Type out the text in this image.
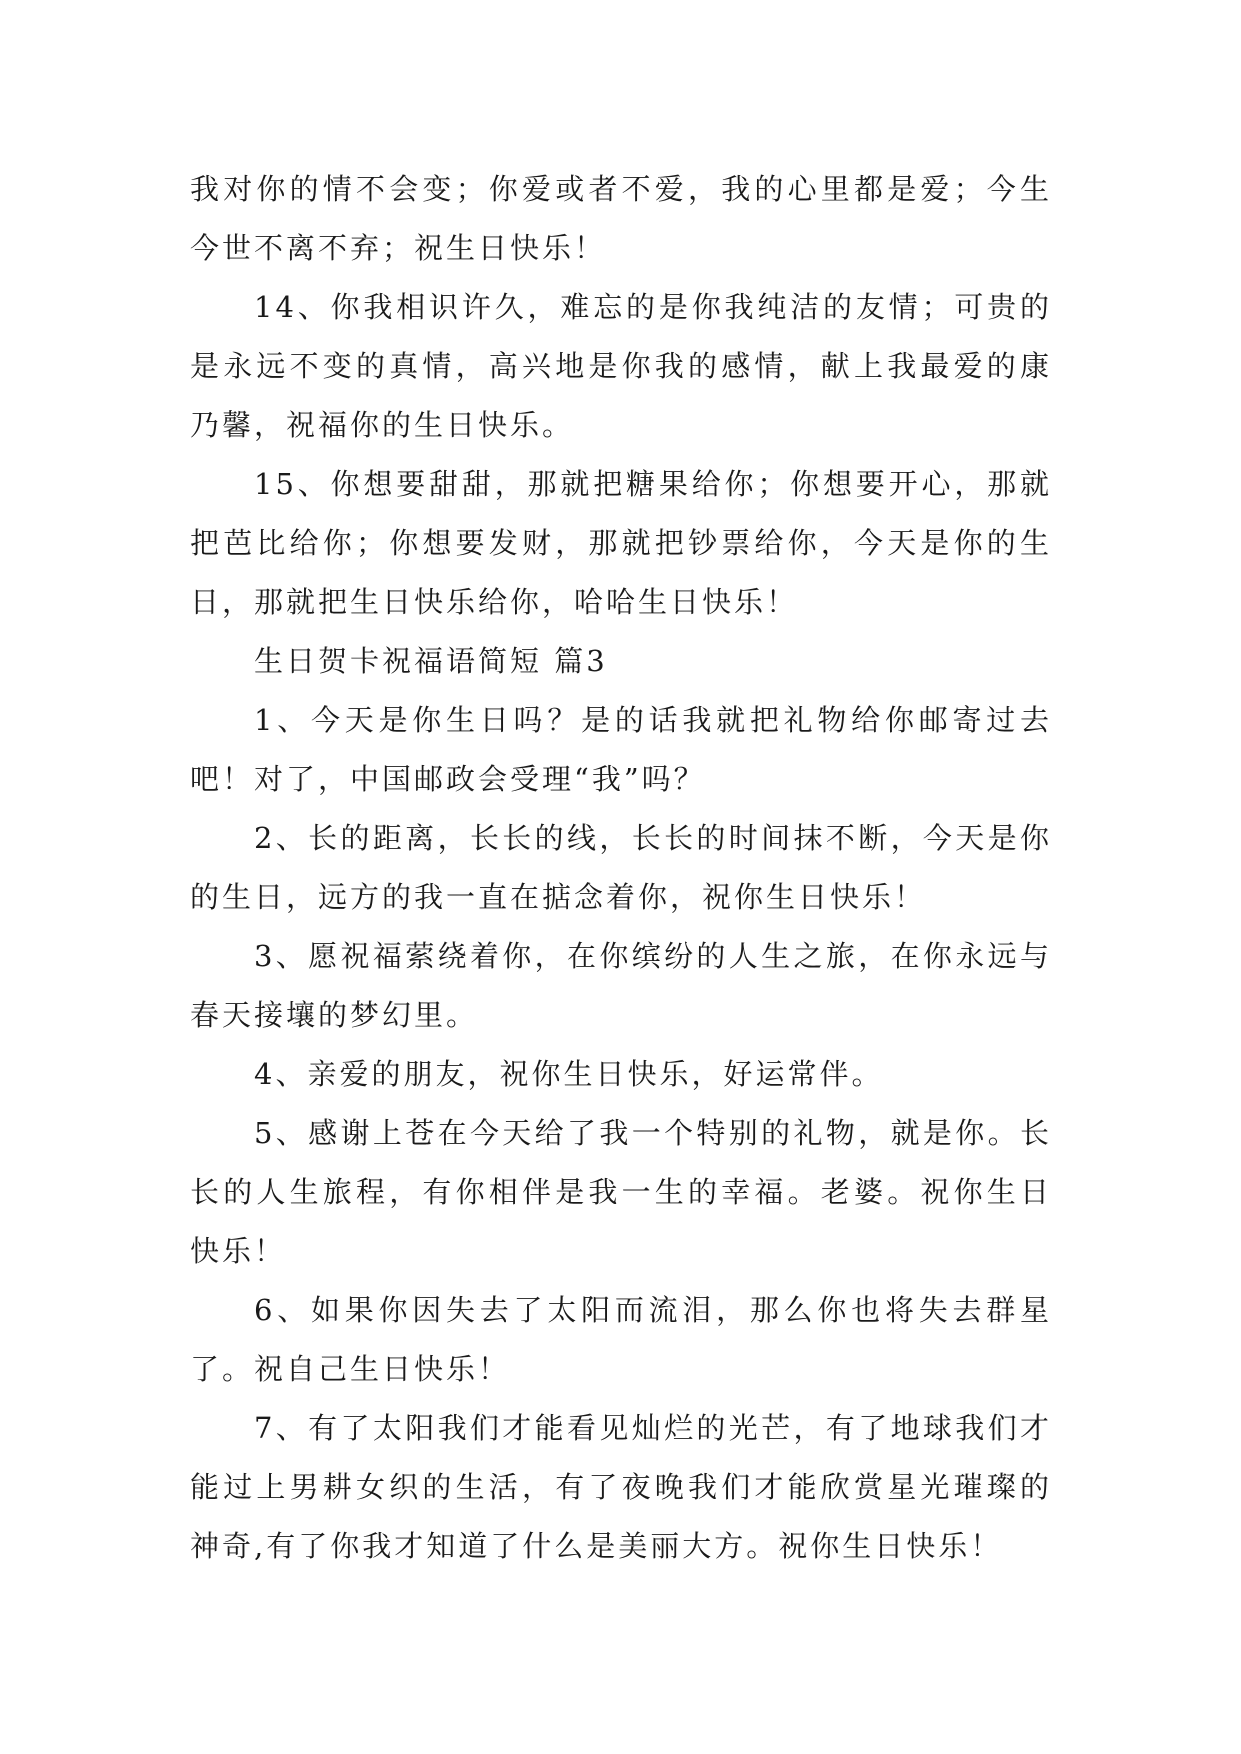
我对你的情不会变；你爱或者不爱，我的心里都是爱；今生今世不离不弃；祝生日快乐！

14、你我相识许久，难忘的是你我纯洁的友情；可贵的是永远不变的真情，高兴地是你我的感情，献上我最爱的康乃馨，祝福你的生日快乐。

15、你想要甜甜，那就把糖果给你；你想要开心，那就把芭比给你；你想要发财，那就把钞票给你，今天是你的生日，那就把生日快乐给你，哈哈生日快乐！

生日贺卡祝福语简短 篇3

1、今天是你生日吗？是的话我就把礼物给你邮寄过去吧！对了，中国邮政会受理“我”吗？

2、长的距离，长长的线，长长的时间抹不断，今天是你的生日，远方的我一直在掂念着你，祝你生日快乐！

3、愿祝福萦绕着你，在你缤纷的人生之旅，在你永远与春天接壤的梦幻里。

4、亲爱的朋友，祝你生日快乐，好运常伴。

5、感谢上苍在今天给了我一个特别的礼物，就是你。长长的人生旅程，有你相伴是我一生的幸福。老婆。祝你生日快乐！

6、如果你因失去了太阳而流泪，那么你也将失去群星了。祝自己生日快乐！

7、有了太阳我们才能看见灿烂的光芒，有了地球我们才能过上男耕女织的生活，有了夜晚我们才能欣赏星光璀璨的神奇,有了你我才知道了什么是美丽大方。祝你生日快乐！
